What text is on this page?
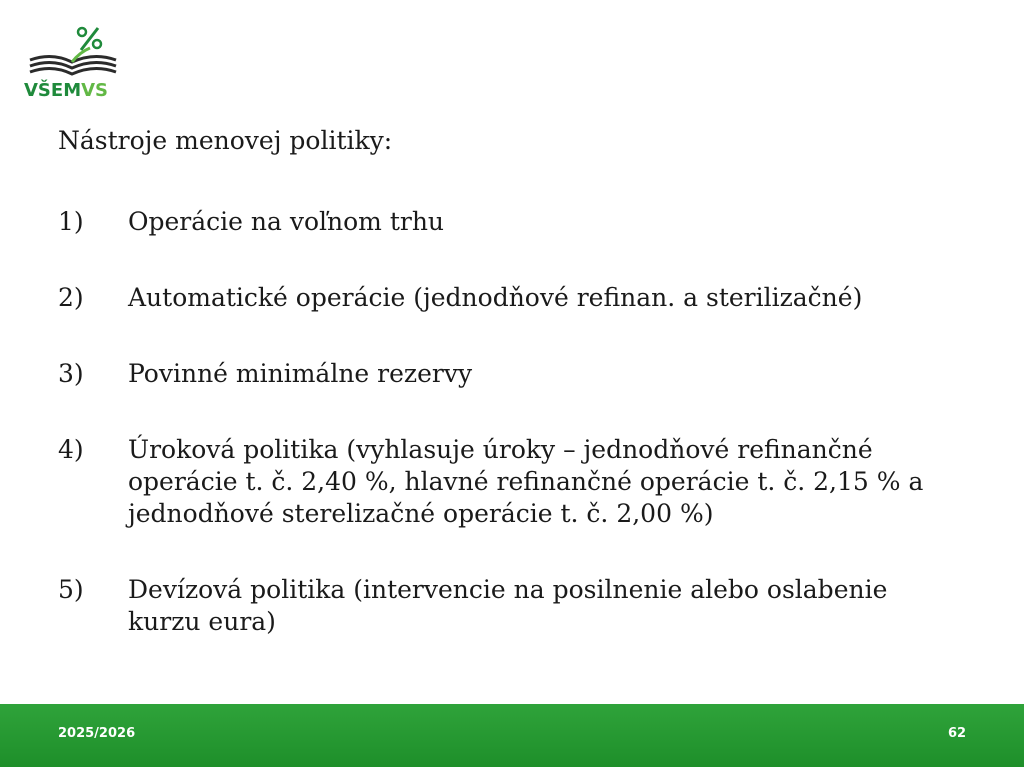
VŠEMVS

Nástroje menovej politiky:

1)	Operácie na voľnom trhu
2)	Automatické operácie (jednodňové refinan. a sterilizačné)
3)	Povinné minimálne rezervy
4)	Úroková politika (vyhlasuje úroky – jednodňové refinančné operácie t. č. 2,40 %, hlavné refinančné operácie t. č. 2,15 % a jednodňové sterelizačné operácie t. č. 2,00 %)
5)	Devízová politika (intervencie na posilnenie alebo oslabenie kurzu eura)
2025/2026	62
